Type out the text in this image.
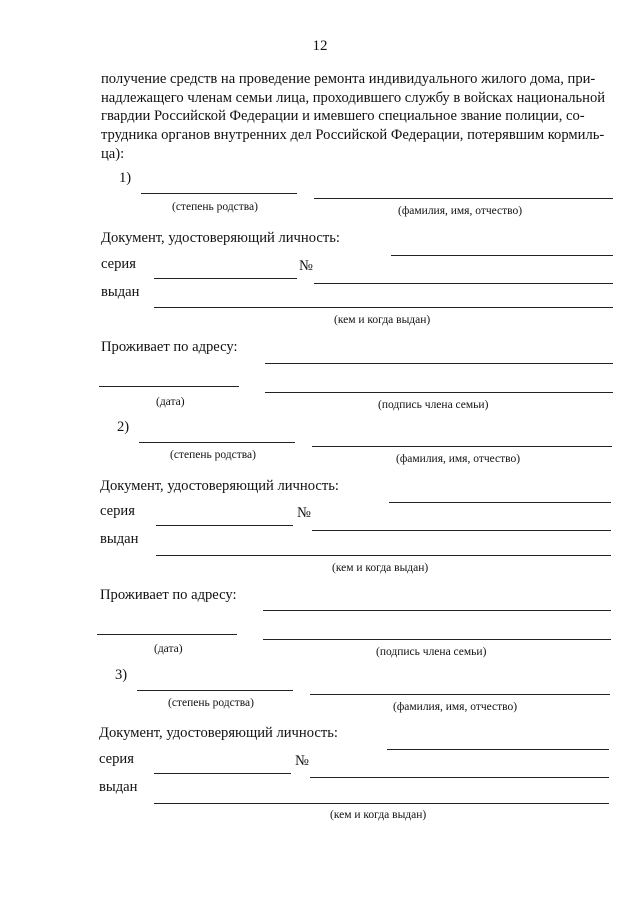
12
получение средств на проведение ремонта индивидуального жилого дома, при-
надлежащего членам семьи лица, проходившего службу в войсках национальной
гвардии Российской Федерации и имевшего специальное звание полиции, со-
трудника органов внутренних дел Российской Федерации, потерявшим кормиль-
ца):
1)
(степень родства)	(фамилия, имя, отчество)
Документ, удостоверяющий личность:
серия	№
выдан
(кем и когда выдан)
Проживает по адресу:
(дата)	(подпись члена семьи)
2)
(степень родства)	(фамилия, имя, отчество)
Документ, удостоверяющий личность:
серия	№
выдан
(кем и когда выдан)
Проживает по адресу:
(дата)	(подпись члена семьи)
3)
(степень родства)	(фамилия, имя, отчество)
Документ, удостоверяющий личность:
серия	№
выдан
(кем и когда выдан)
